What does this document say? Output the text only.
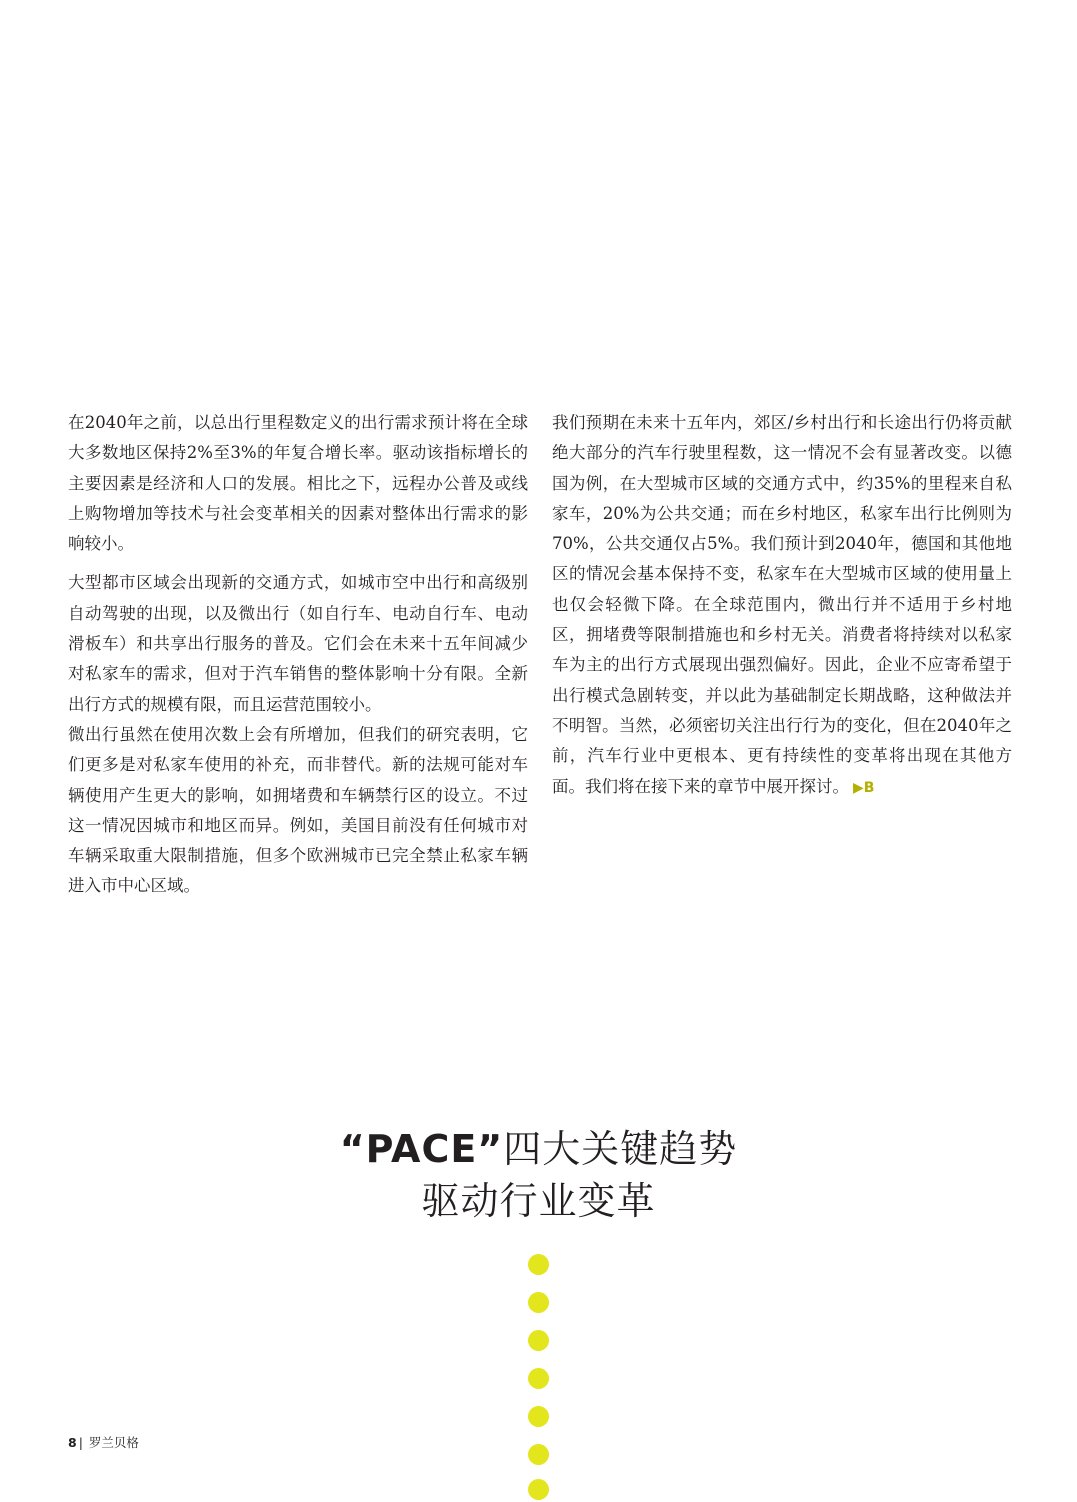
在2040年之前，以总出行里程数定义的出行需求预计将在全球大多数地区保持2%至3%的年复合增长率。驱动该指标增长的主要因素是经济和人口的发展。相比之下，远程办公普及或线上购物增加等技术与社会变革相关的因素对整体出行需求的影响较小。

大型都市区域会出现新的交通方式，如城市空中出行和高级别自动驾驶的出现，以及微出行（如自行车、电动自行车、电动滑板车）和共享出行服务的普及。它们会在未来十五年间减少对私家车的需求，但对于汽车销售的整体影响十分有限。全新出行方式的规模有限，而且运营范围较小。

微出行虽然在使用次数上会有所增加，但我们的研究表明，它们更多是对私家车使用的补充，而非替代。新的法规可能对车辆使用产生更大的影响，如拥堵费和车辆禁行区的设立。不过这一情况因城市和地区而异。例如，美国目前没有任何城市对车辆采取重大限制措施，但多个欧洲城市已完全禁止私家车辆进入市中心区域。

我们预期在未来十五年内，郊区/乡村出行和长途出行仍将贡献绝大部分的汽车行驶里程数，这一情况不会有显著改变。以德国为例，在大型城市区域的交通方式中，约35%的里程来自私家车，20%为公共交通；而在乡村地区，私家车出行比例则为70%，公共交通仅占5%。我们预计到2040年，德国和其他地区的情况会基本保持不变，私家车在大型城市区域的使用量上也仅会轻微下降。在全球范围内，微出行并不适用于乡村地区，拥堵费等限制措施也和乡村无关。消费者将持续对以私家车为主的出行方式展现出强烈偏好。因此，企业不应寄希望于出行模式急剧转变，并以此为基础制定长期战略，这种做法并不明智。当然，必须密切关注出行行为的变化，但在2040年之前，汽车行业中更根本、更有持续性的变革将出现在其他方面。我们将在接下来的章节中展开探讨。 ▶B

“PACE”四大关键趋势
驱动行业变革
8 | 罗兰贝格
